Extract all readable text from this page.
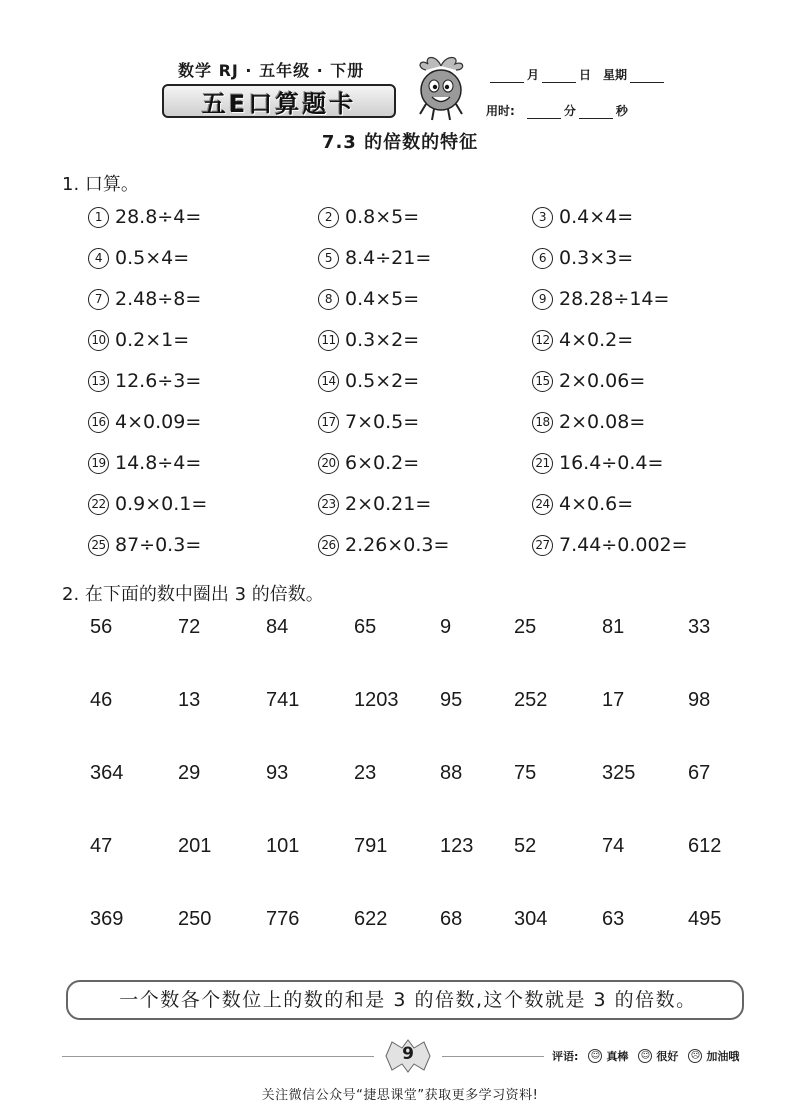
数学 RJ · 五年级 · 下册
五E口算题卡
月	日 星期
用时:	分	秒
7.3 的倍数的特征
1. 口算。
1 28.8÷4=	2 0.8×5=	3 0.4×4=
4 0.5×4=	5 8.4÷21=	6 0.3×3=
7 2.48÷8=	8 0.4×5=	9 28.28÷14=
10 0.2×1=	11 0.3×2=	12 4×0.2=
13 12.6÷3=	14 0.5×2=	15 2×0.06=
16 4×0.09=	17 7×0.5=	18 2×0.08=
19 14.8÷4=	20 6×0.2=	21 16.4÷0.4=
22 0.9×0.1=	23 2×0.21=	24 4×0.6=
25 87÷0.3=	26 2.26×0.3=	27 7.44÷0.002=
2. 在下面的数中圈出 3 的倍数。
56	72	84	65	9	25	81	33
46	13	741	1203 95	252	17	98
364	29	93	23	88	75	325	67
47	201	101	791	123 52	74	612
369	250	776	622	68	304	63	495
一个数各个数位上的数的和是 3 的倍数,这个数就是 3 的倍数。
9	评语: ☺ 真棒 ☺ 很好 ☹ 加油哦
关注微信公众号“捷思课堂”获取更多学习资料!
